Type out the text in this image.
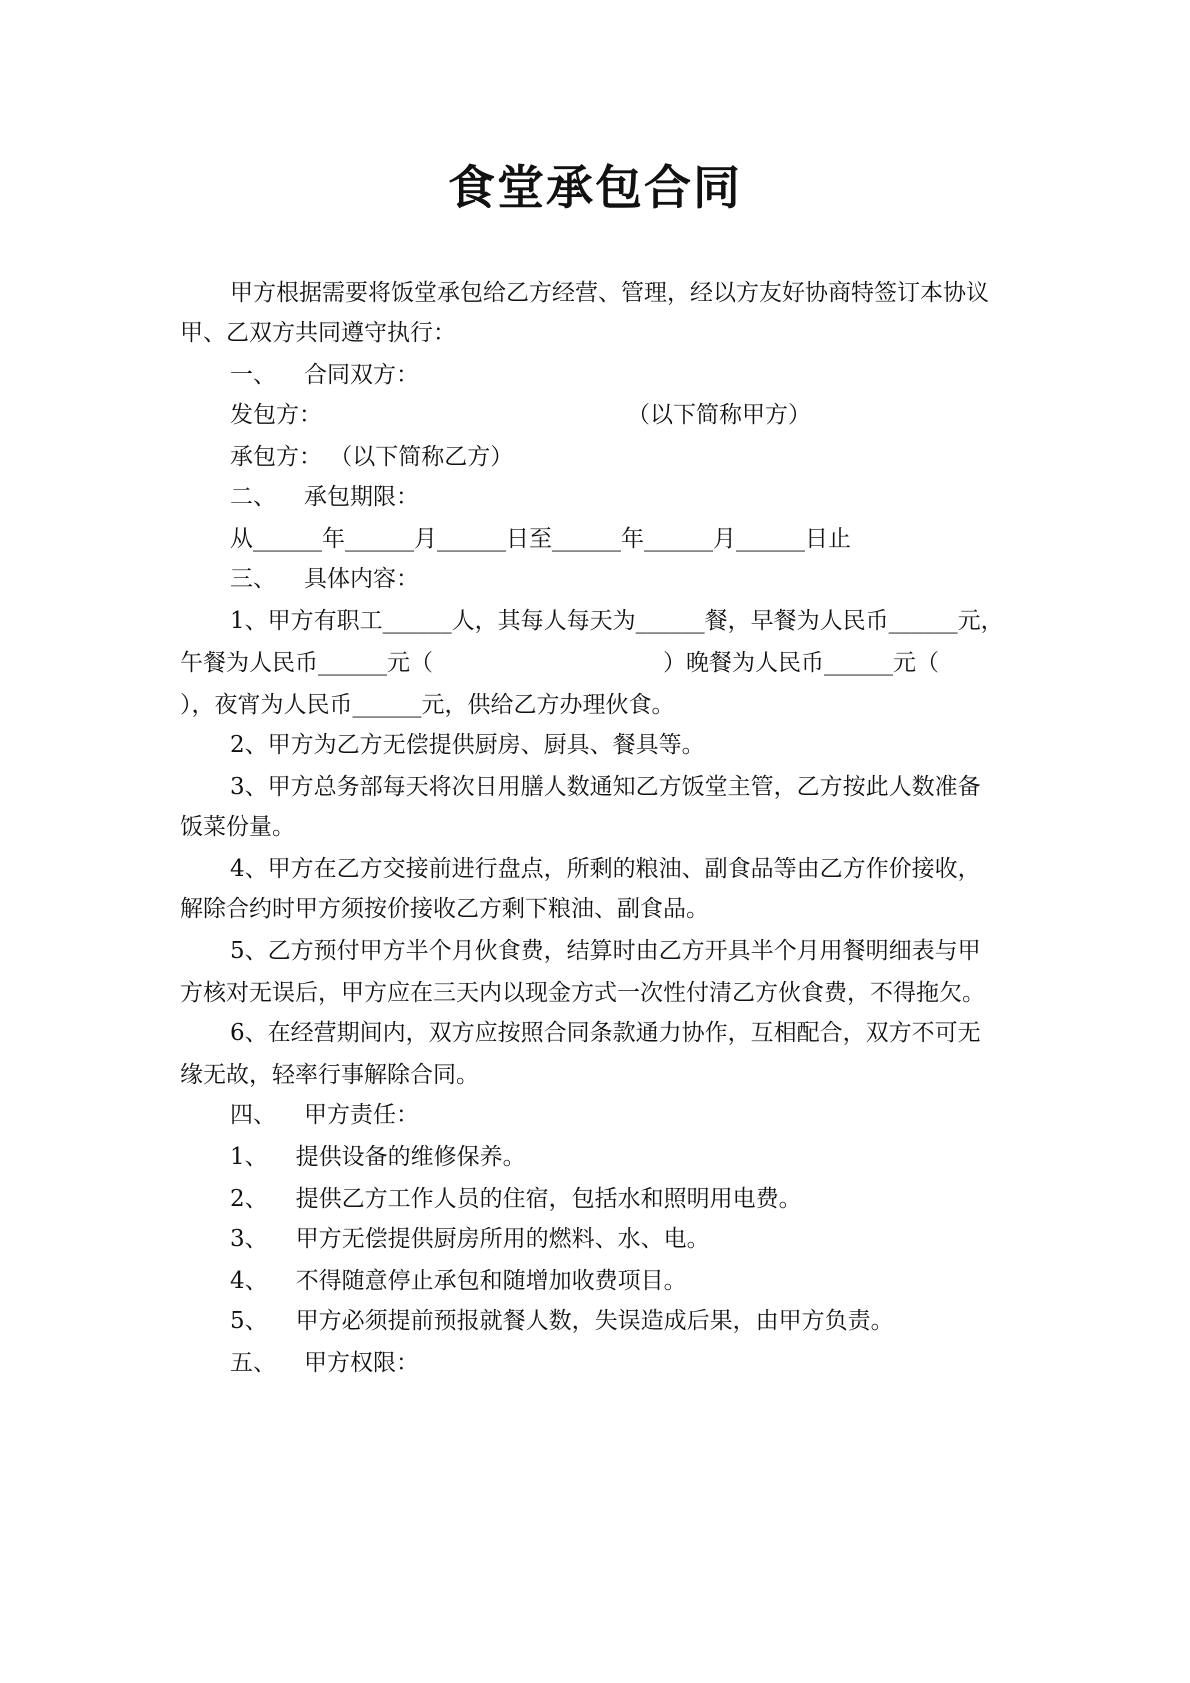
食堂承包合同
甲方根据需要将饭堂承包给乙方经营、管理，经以方友好协商特签订本协议
甲、乙双方共同遵守执行：
一、 合同双方：
发包方：	（以下简称甲方）
承包方： （以下简称乙方）
二、 承包期限：
从______年______月______日至______年______月______日止
三、 具体内容：
1、甲方有职工______人，其每人每天为______餐，早餐为人民币______元，
午餐为人民币______元（	）晚餐为人民币______元（
），夜宵为人民币______元，供给乙方办理伙食。
2、甲方为乙方无偿提供厨房、厨具、餐具等。
3、甲方总务部每天将次日用膳人数通知乙方饭堂主管，乙方按此人数准备
饭菜份量。
4、甲方在乙方交接前进行盘点，所剩的粮油、副食品等由乙方作价接收，
解除合约时甲方须按价接收乙方剩下粮油、副食品。
5、乙方预付甲方半个月伙食费，结算时由乙方开具半个月用餐明细表与甲
方核对无误后，甲方应在三天内以现金方式一次性付清乙方伙食费，不得拖欠。
6、在经营期间内，双方应按照合同条款通力协作，互相配合，双方不可无
缘无故，轻率行事解除合同。
四、 甲方责任：
1、 提供设备的维修保养。
2、 提供乙方工作人员的住宿，包括水和照明用电费。
3、 甲方无偿提供厨房所用的燃料、水、电。
4、 不得随意停止承包和随增加收费项目。
5、 甲方必须提前预报就餐人数，失误造成后果，由甲方负责。
五、 甲方权限：
